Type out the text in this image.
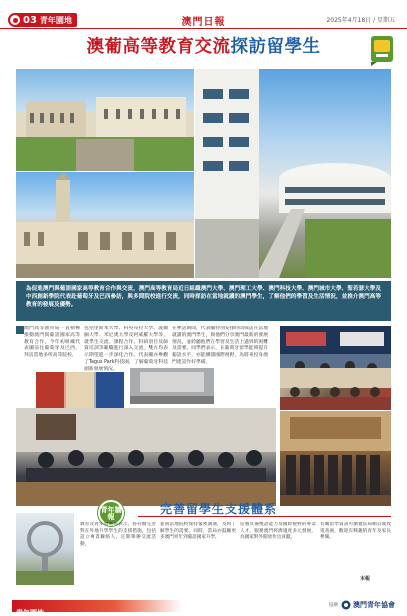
03 青年園地	澳門日報	2025年4月18日 / 星期五
澳葡高等教育交流探訪留學生

為促進澳門與葡語國家高等教育合作與交流，澳門高等教育局近日組織澳門大學、澳門理工大學、澳門科技大學、澳門城市大學、聖若瑟大學及中西創新學院代表赴葡萄牙及巴西參訪，與多間院校進行交流，同時探訪在當地就讀的澳門學生，了解他們的學習及生活情況，並推介澳門高等教育的發展及優勢。

澳門高等教育局一直積極推動澳門與葡語國家高等教育合作，今年初組織代表團前往葡萄牙及巴西，拜訪當地多所高等院校，
包括里斯本大學、科英布拉大學、波爾圖大學、米尼奧大學及阿威羅大學等，就學生交流、課程合作、科研項目及師資培訓等範疇進行深入交流，雙方均表示期望進一步深化合作。代表團亦參觀了Tagus Park科技園，了解葡萄牙科技創新發展情況。
在參訪期間，代表團特別安排時間探訪在當地就讀的澳門學生，與他們分享澳門最新的發展情況，並聆聽他們在學習及生活上遇到的困難及需要。同學們表示，在葡萄牙留學能夠提升葡語水平，亦能擴闊國際視野，為將來投身澳門建設作好準備。
青年牆報
完善留學生支援體系
教育及青年發展局表示，將持續完善對在外地升學學生的支援措施，包括設立專責聯絡人、定期舉辦交流活動，
並與當地院校保持緊密溝通，及時了解學生的需要。同時，當局亦鼓勵更多澳門青年到葡語國家升學，
培養具備雙語能力及國際視野的專業人才，服務澳門經濟適度多元發展，為國家對外開放作出貢獻。
有關留學資訊可瀏覽當局網頁或致電查詢，歡迎有興趣的青年及家長參閱。
本報
青年園地
協辦 澳門青年協會
